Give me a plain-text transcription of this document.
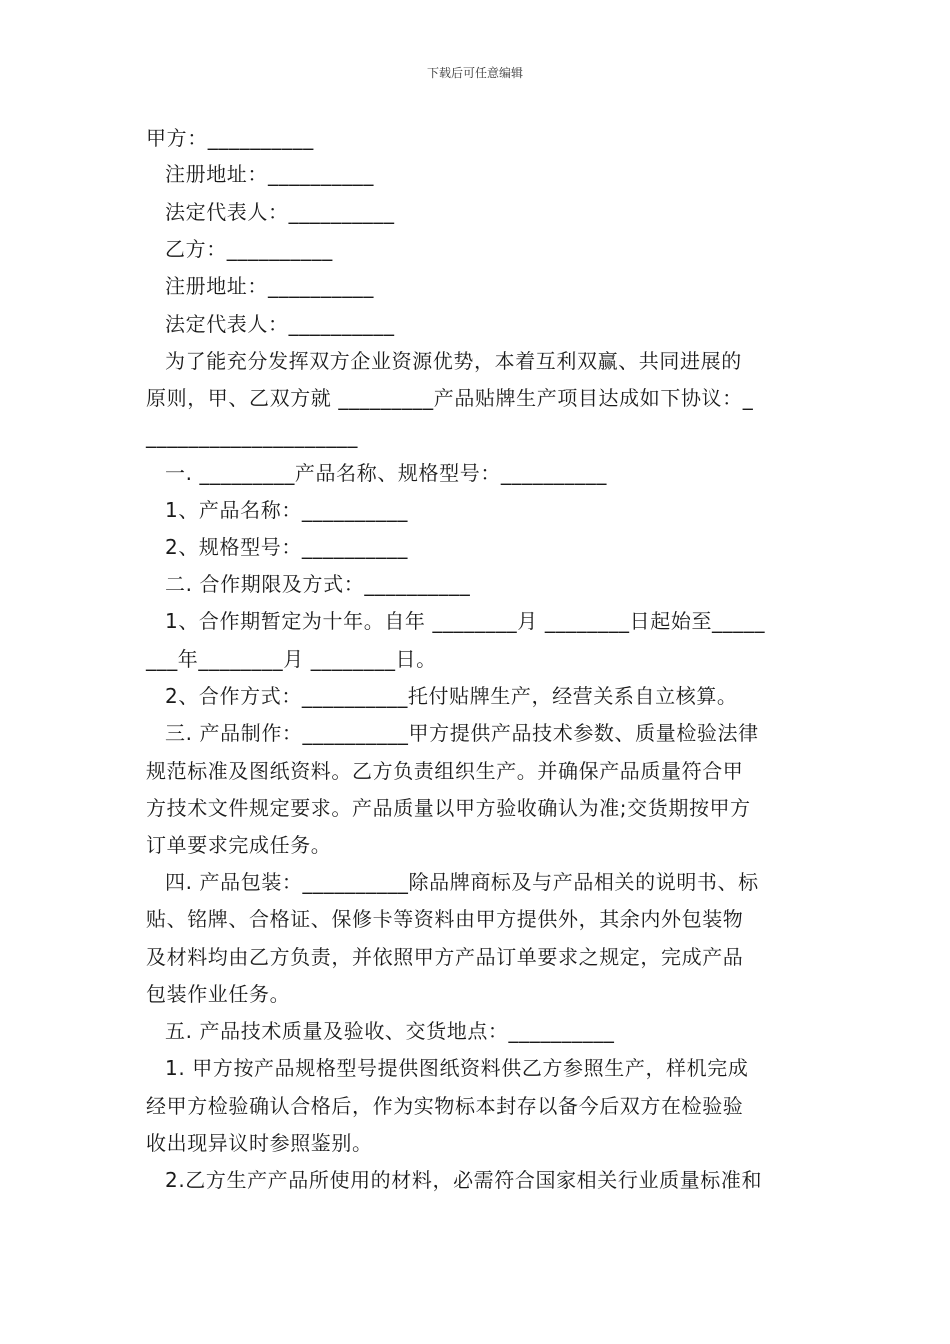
下载后可任意编辑
甲方：__________
注册地址：__________
法定代表人：__________
乙方：__________
注册地址：__________
法定代表人：__________
为了能充分发挥双方企业资源优势，本着互利双赢、共同进展的
原则，甲、乙双方就 _________产品贴牌生产项目达成如下协议：_
____________________
一. _________产品名称、规格型号：__________
1、产品名称：__________
2、规格型号：__________
二. 合作期限及方式：__________
1、合作期暂定为十年。自年 ________月 ________日起始至_____
___年________月 ________日。
2、合作方式：__________托付贴牌生产，经营关系自立核算。
三. 产品制作：__________甲方提供产品技术参数、质量检验法律
规范标准及图纸资料。乙方负责组织生产。并确保产品质量符合甲
方技术文件规定要求。产品质量以甲方验收确认为准;交货期按甲方
订单要求完成任务。
四. 产品包装：__________除品牌商标及与产品相关的说明书、标
贴、铭牌、合格证、保修卡等资料由甲方提供外，其余内外包装物
及材料均由乙方负责，并依照甲方产品订单要求之规定，完成产品
包装作业任务。
五. 产品技术质量及验收、交货地点：__________
1. 甲方按产品规格型号提供图纸资料供乙方参照生产，样机完成
经甲方检验确认合格后，作为实物标本封存以备今后双方在检验验
收出现异议时参照鉴别。
2.乙方生产产品所使用的材料，必需符合国家相关行业质量标准和
